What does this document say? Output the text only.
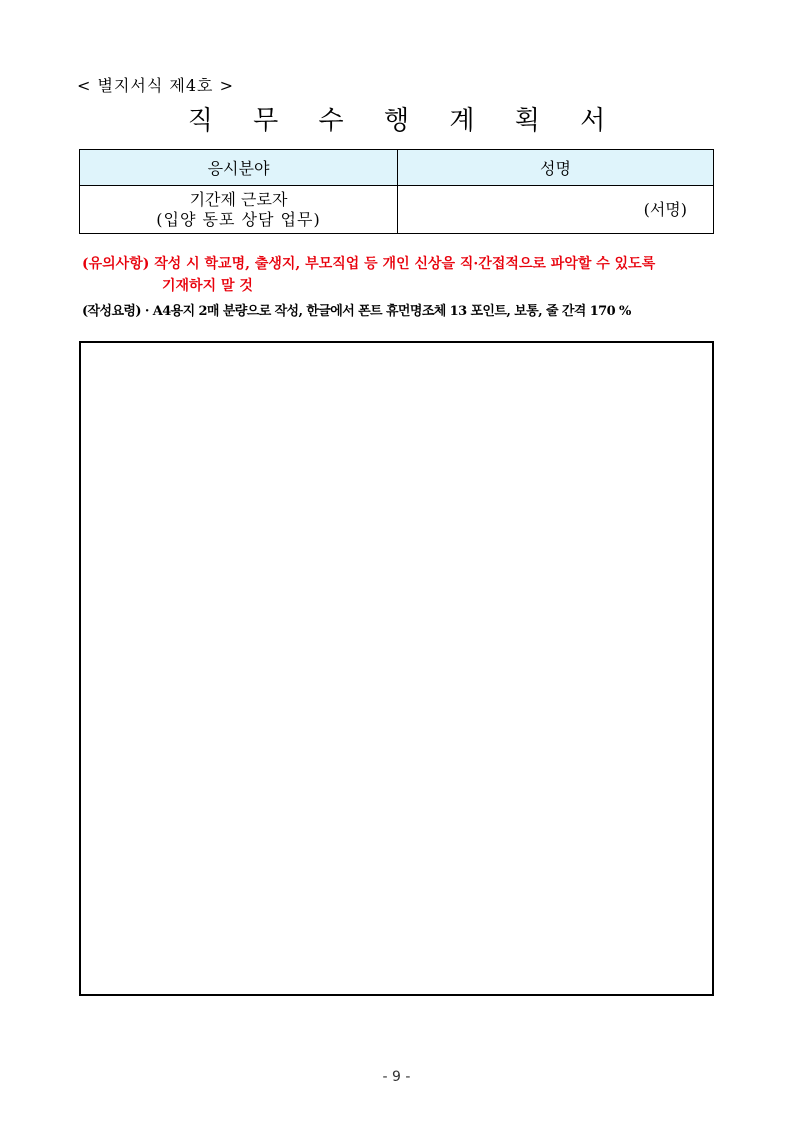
< 별지서식 제4호 >
직 무 수 행 계 획 서
응시분야	성명
기간제 근로자
(입양 동포 상담 업무)	(서명)
(유의사항) 작성 시 학교명, 출생지, 부모직업 등 개인 신상을 직·간접적으로 파악할 수 있도록
기재하지 말 것
(작성요령) · A4용지 2매 분량으로 작성, 한글에서 폰트 휴먼명조체 13 포인트, 보통, 줄 간격 170 %
- 9 -
